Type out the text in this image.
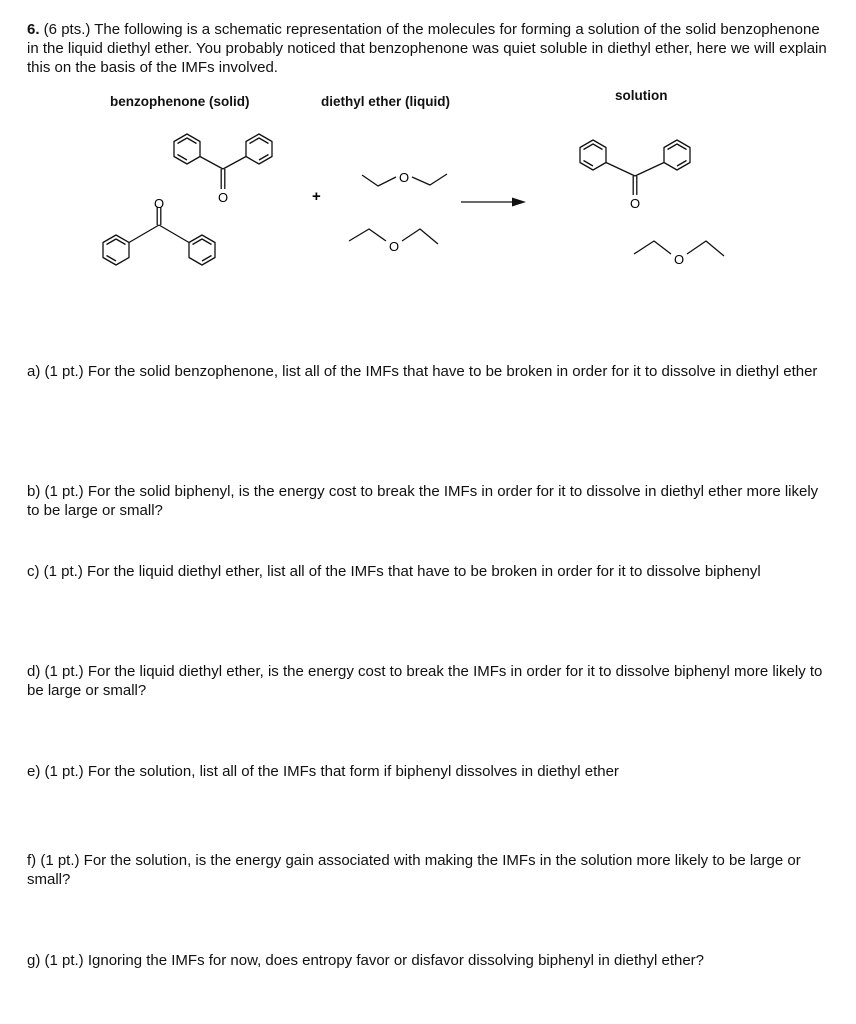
6. (6 pts.) The following is a schematic representation of the molecules for forming a solution of the solid benzophenone in the liquid diethyl ether. You probably noticed that benzophenone was quiet soluble in diethyl ether, here we will explain this on the basis of the IMFs involved.
benzophenone (solid)	diethyl ether (liquid)	solution
+
O
O
O
O
O
O
a) (1 pt.) For the solid benzophenone, list all of the IMFs that have to be broken in order for it to dissolve in diethyl ether
b) (1 pt.) For the solid biphenyl, is the energy cost to break the IMFs in order for it to dissolve in diethyl ether more likely to be large or small?
c) (1 pt.) For the liquid diethyl ether, list all of the IMFs that have to be broken in order for it to dissolve biphenyl
d) (1 pt.) For the liquid diethyl ether, is the energy cost to break the IMFs in order for it to dissolve biphenyl more likely to be large or small?
e) (1 pt.) For the solution, list all of the IMFs that form if biphenyl dissolves in diethyl ether
f) (1 pt.) For the solution, is the energy gain associated with making the IMFs in the solution more likely to be large or small?
g) (1 pt.) Ignoring the IMFs for now, does entropy favor or disfavor dissolving biphenyl in diethyl ether?
